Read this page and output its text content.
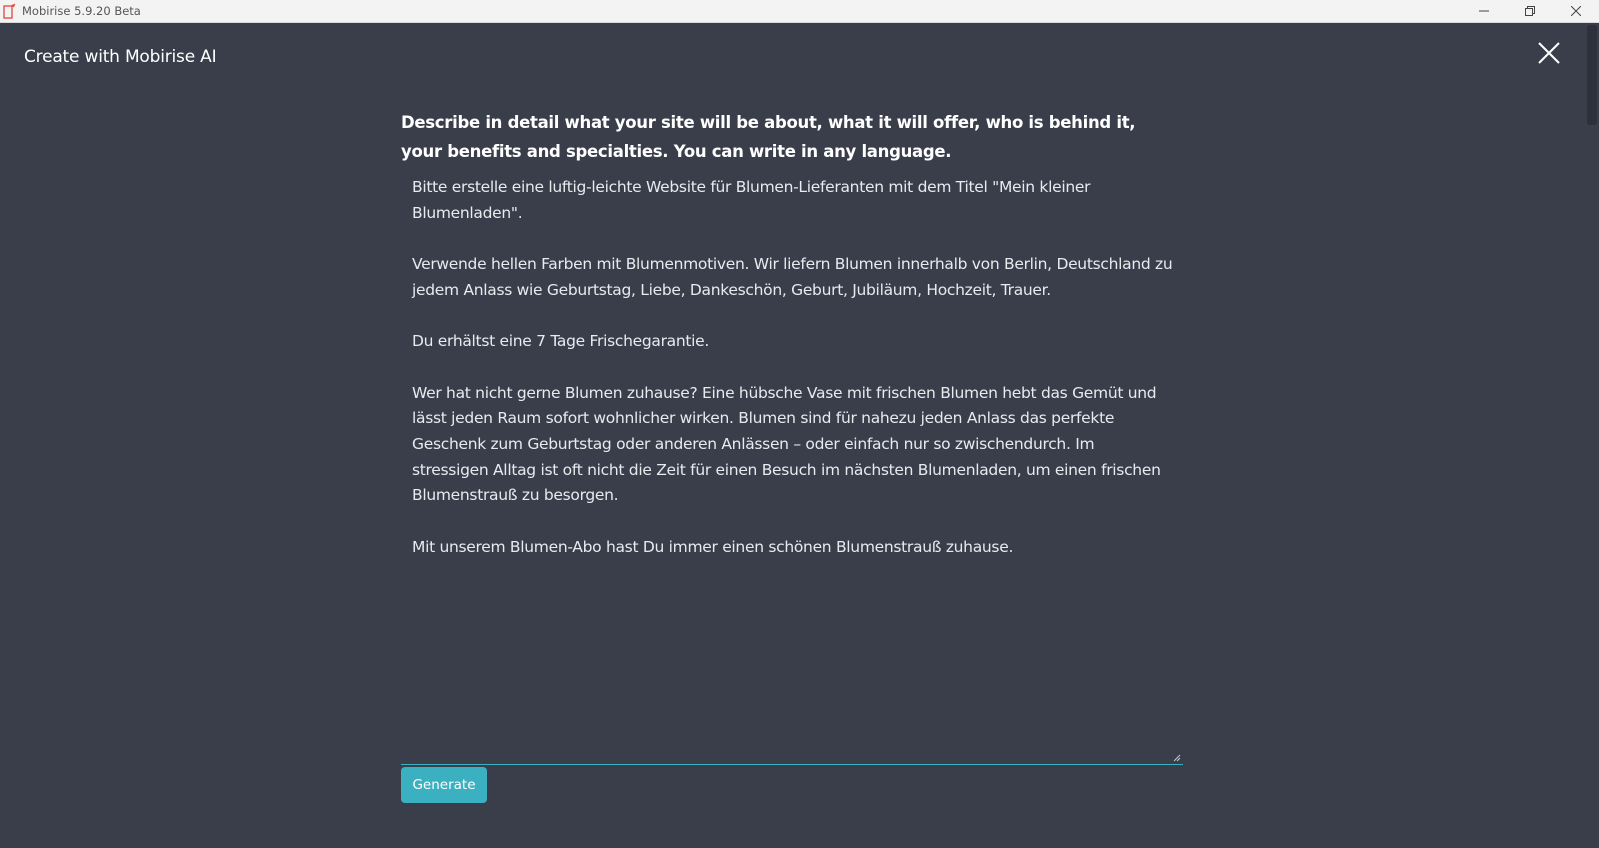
Mobirise 5.9.20 Beta
Create with Mobirise AI
Describe in detail what your site will be about, what it will offer, who is behind it, your benefits and specialties. You can write in any language.

Bitte erstelle eine luftig-leichte Website für Blumen-Lieferanten mit dem Titel "Mein kleiner Blumenladen".

Verwende hellen Farben mit Blumenmotiven. Wir liefern Blumen innerhalb von Berlin, Deutschland zu jedem Anlass wie Geburtstag, Liebe, Dankeschön, Geburt, Jubiläum, Hochzeit, Trauer.

Du erhältst eine 7 Tage Frischegarantie.

Wer hat nicht gerne Blumen zuhause? Eine hübsche Vase mit frischen Blumen hebt das Gemüt und lässt jeden Raum sofort wohnlicher wirken. Blumen sind für nahezu jeden Anlass das perfekte Geschenk zum Geburtstag oder anderen Anlässen – oder einfach nur so zwischendurch. Im stressigen Alltag ist oft nicht die Zeit für einen Besuch im nächsten Blumenladen, um einen frischen Blumenstrauß zu besorgen.

Mit unserem Blumen-Abo hast Du immer einen schönen Blumenstrauß zuhause.

Generate
